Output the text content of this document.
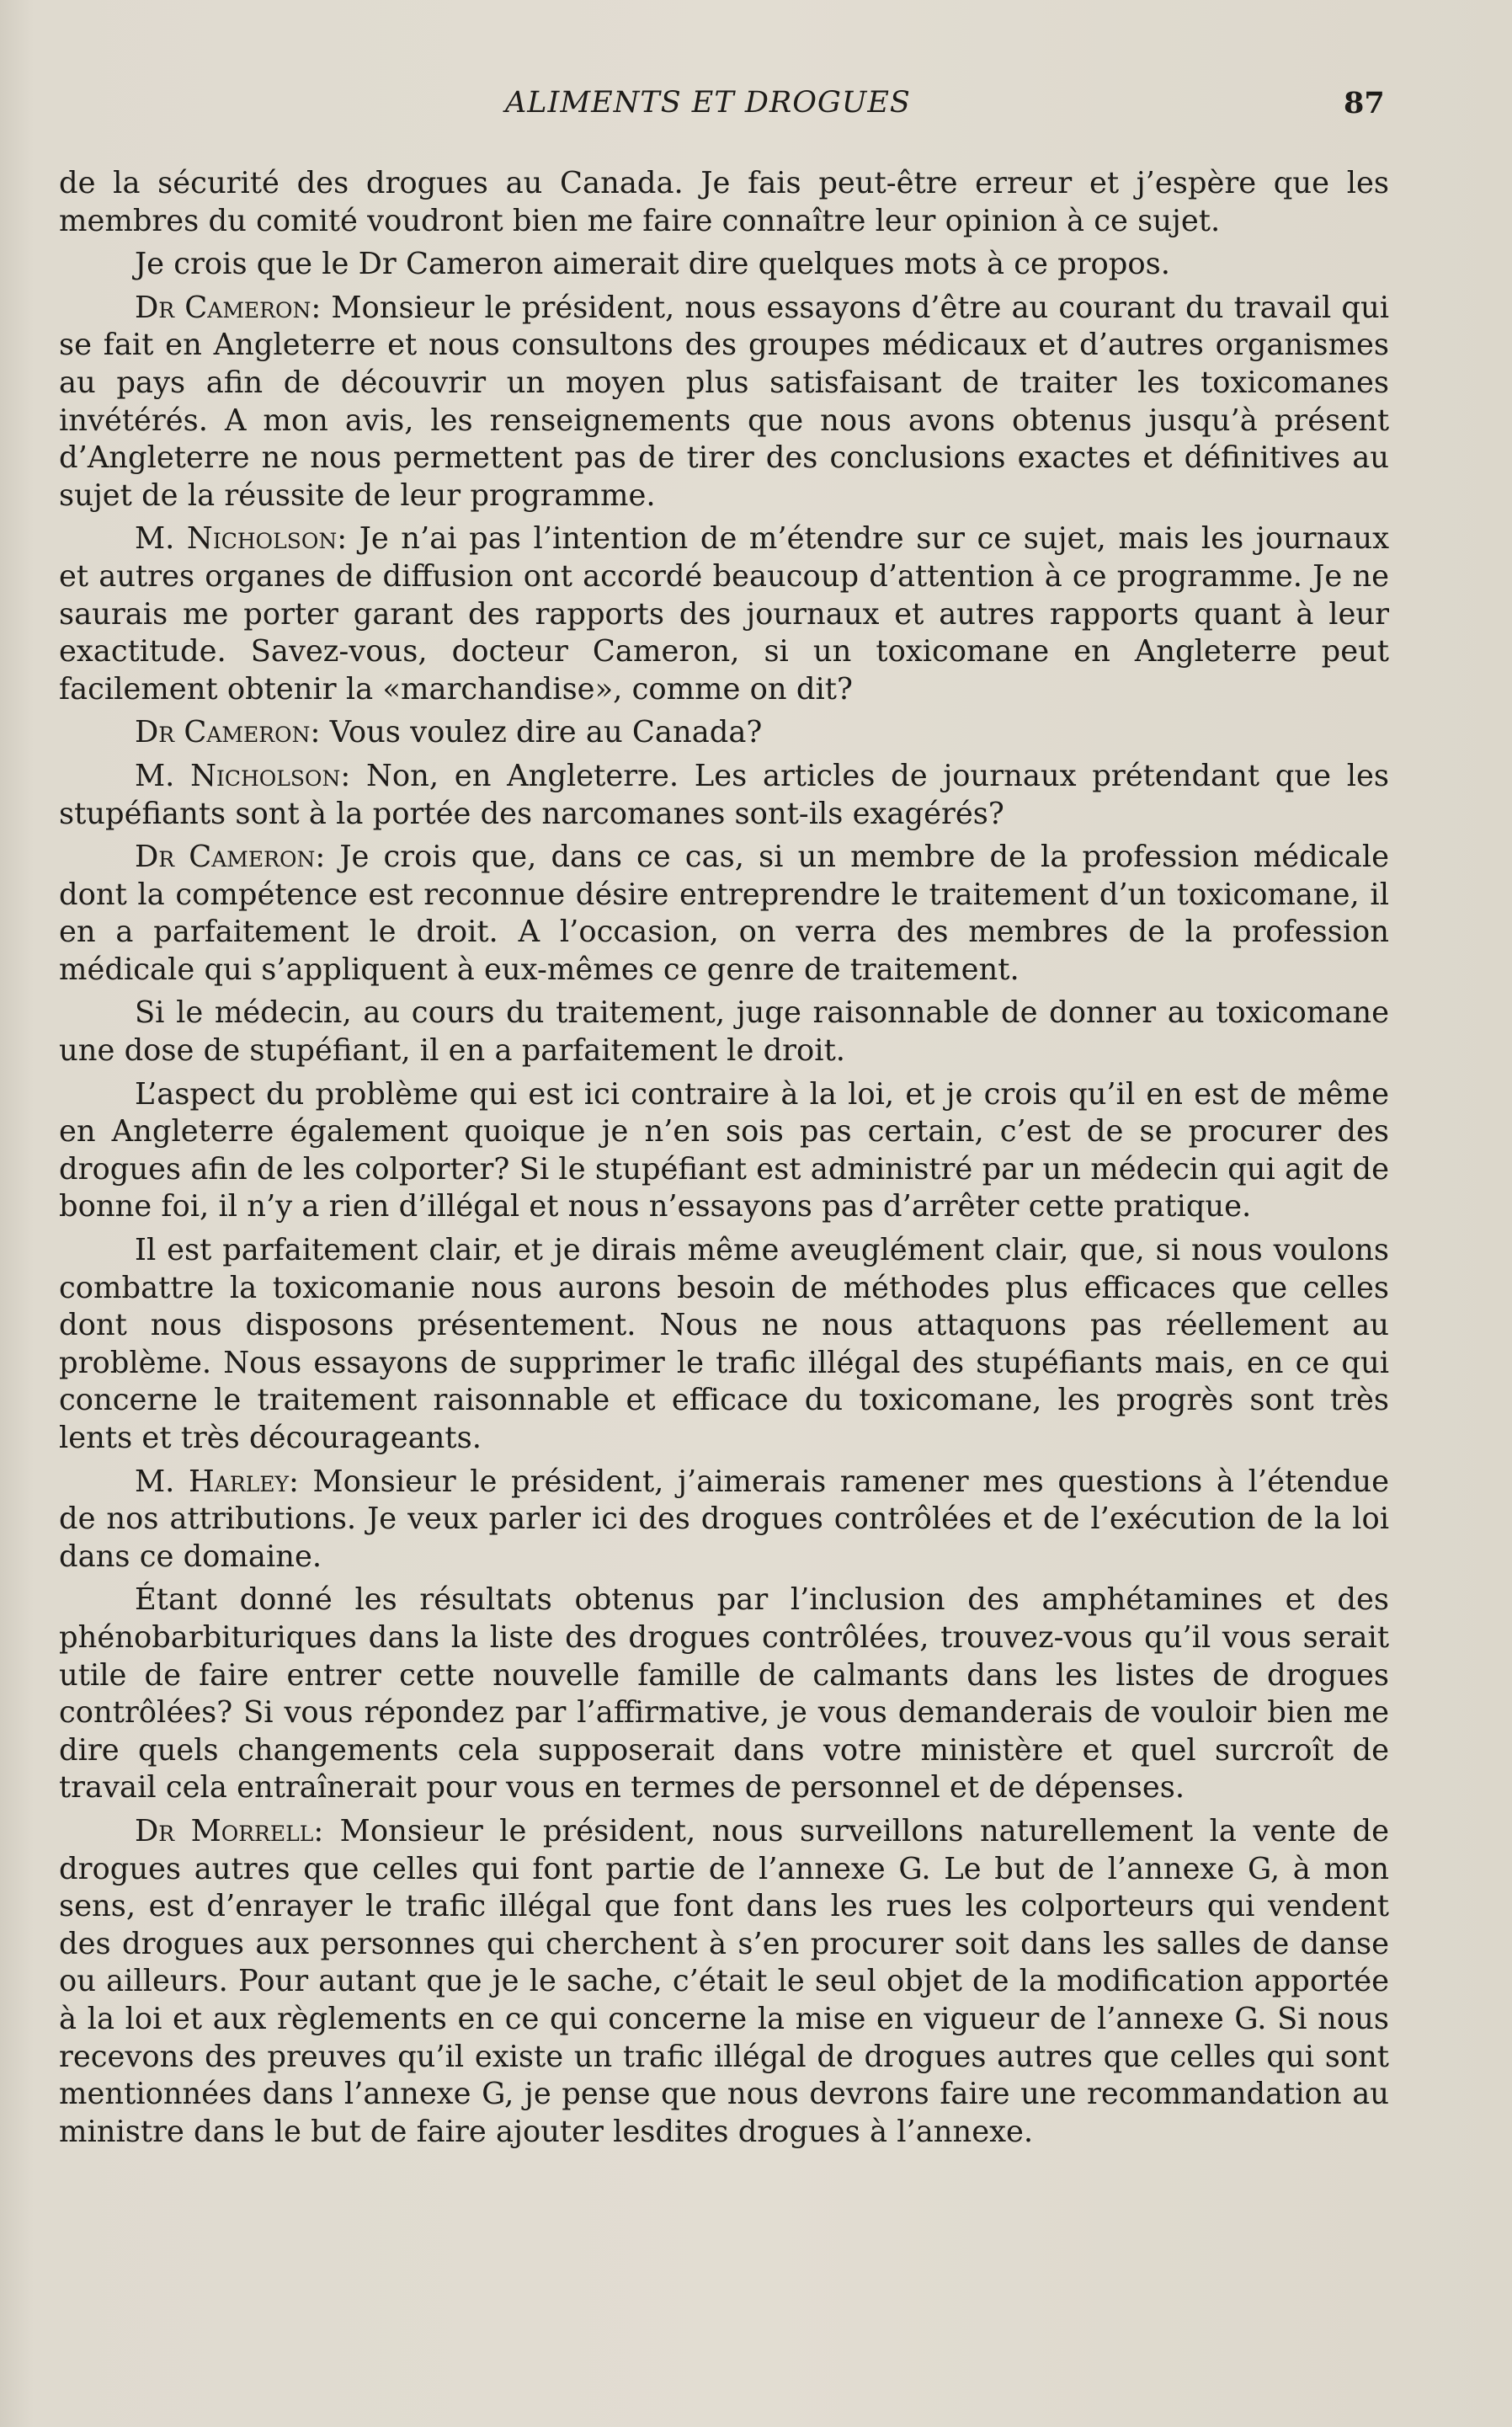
ALIMENTS ET DROGUES	87

de la sécurité des drogues au Canada. Je fais peut-être erreur et j’espère que les membres du comité voudront bien me faire connaître leur opinion à ce sujet.

Je crois que le Dr Cameron aimerait dire quelques mots à ce propos.

Dr Cameron: Monsieur le président, nous essayons d’être au courant du travail qui se fait en Angleterre et nous consultons des groupes médicaux et d’autres organismes au pays afin de découvrir un moyen plus satisfaisant de traiter les toxicomanes invétérés. A mon avis, les renseignements que nous avons obtenus jusqu’à présent d’Angleterre ne nous permettent pas de tirer des conclusions exactes et définitives au sujet de la réussite de leur programme.

M. Nicholson: Je n’ai pas l’intention de m’étendre sur ce sujet, mais les journaux et autres organes de diffusion ont accordé beaucoup d’attention à ce programme. Je ne saurais me porter garant des rapports des journaux et autres rapports quant à leur exactitude. Savez-vous, docteur Cameron, si un toxicomane en Angleterre peut facilement obtenir la «marchandise», comme on dit?

Dr Cameron: Vous voulez dire au Canada?

M. Nicholson: Non, en Angleterre. Les articles de journaux prétendant que les stupéfiants sont à la portée des narcomanes sont-ils exagérés?

Dr Cameron: Je crois que, dans ce cas, si un membre de la profession médicale dont la compétence est reconnue désire entreprendre le traitement d’un toxicomane, il en a parfaitement le droit. A l’occasion, on verra des membres de la profession médicale qui s’appliquent à eux-mêmes ce genre de traitement.

Si le médecin, au cours du traitement, juge raisonnable de donner au toxicomane une dose de stupéfiant, il en a parfaitement le droit.

L’aspect du problème qui est ici contraire à la loi, et je crois qu’il en est de même en Angleterre également quoique je n’en sois pas certain, c’est de se procurer des drogues afin de les colporter? Si le stupéfiant est administré par un médecin qui agit de bonne foi, il n’y a rien d’illégal et nous n’essayons pas d’arrêter cette pratique.

Il est parfaitement clair, et je dirais même aveuglément clair, que, si nous voulons combattre la toxicomanie nous aurons besoin de méthodes plus efficaces que celles dont nous disposons présentement. Nous ne nous attaquons pas réellement au problème. Nous essayons de supprimer le trafic illégal des stupéfiants mais, en ce qui concerne le traitement raisonnable et efficace du toxicomane, les progrès sont très lents et très décourageants.

M. Harley: Monsieur le président, j’aimerais ramener mes questions à l’étendue de nos attributions. Je veux parler ici des drogues contrôlées et de l’exécution de la loi dans ce domaine.

Étant donné les résultats obtenus par l’inclusion des amphétamines et des phénobarbituriques dans la liste des drogues contrôlées, trouvez-vous qu’il vous serait utile de faire entrer cette nouvelle famille de calmants dans les listes de drogues contrôlées? Si vous répondez par l’affirmative, je vous demanderais de vouloir bien me dire quels changements cela supposerait dans votre ministère et quel surcroît de travail cela entraînerait pour vous en termes de personnel et de dépenses.

Dr Morrell: Monsieur le président, nous surveillons naturellement la vente de drogues autres que celles qui font partie de l’annexe G. Le but de l’annexe G, à mon sens, est d’enrayer le trafic illégal que font dans les rues les colporteurs qui vendent des drogues aux personnes qui cherchent à s’en procurer soit dans les salles de danse ou ailleurs. Pour autant que je le sache, c’était le seul objet de la modification apportée à la loi et aux règlements en ce qui concerne la mise en vigueur de l’annexe G. Si nous recevons des preuves qu’il existe un trafic illégal de drogues autres que celles qui sont mentionnées dans l’annexe G, je pense que nous devrons faire une recommandation au ministre dans le but de faire ajouter lesdites drogues à l’annexe.
